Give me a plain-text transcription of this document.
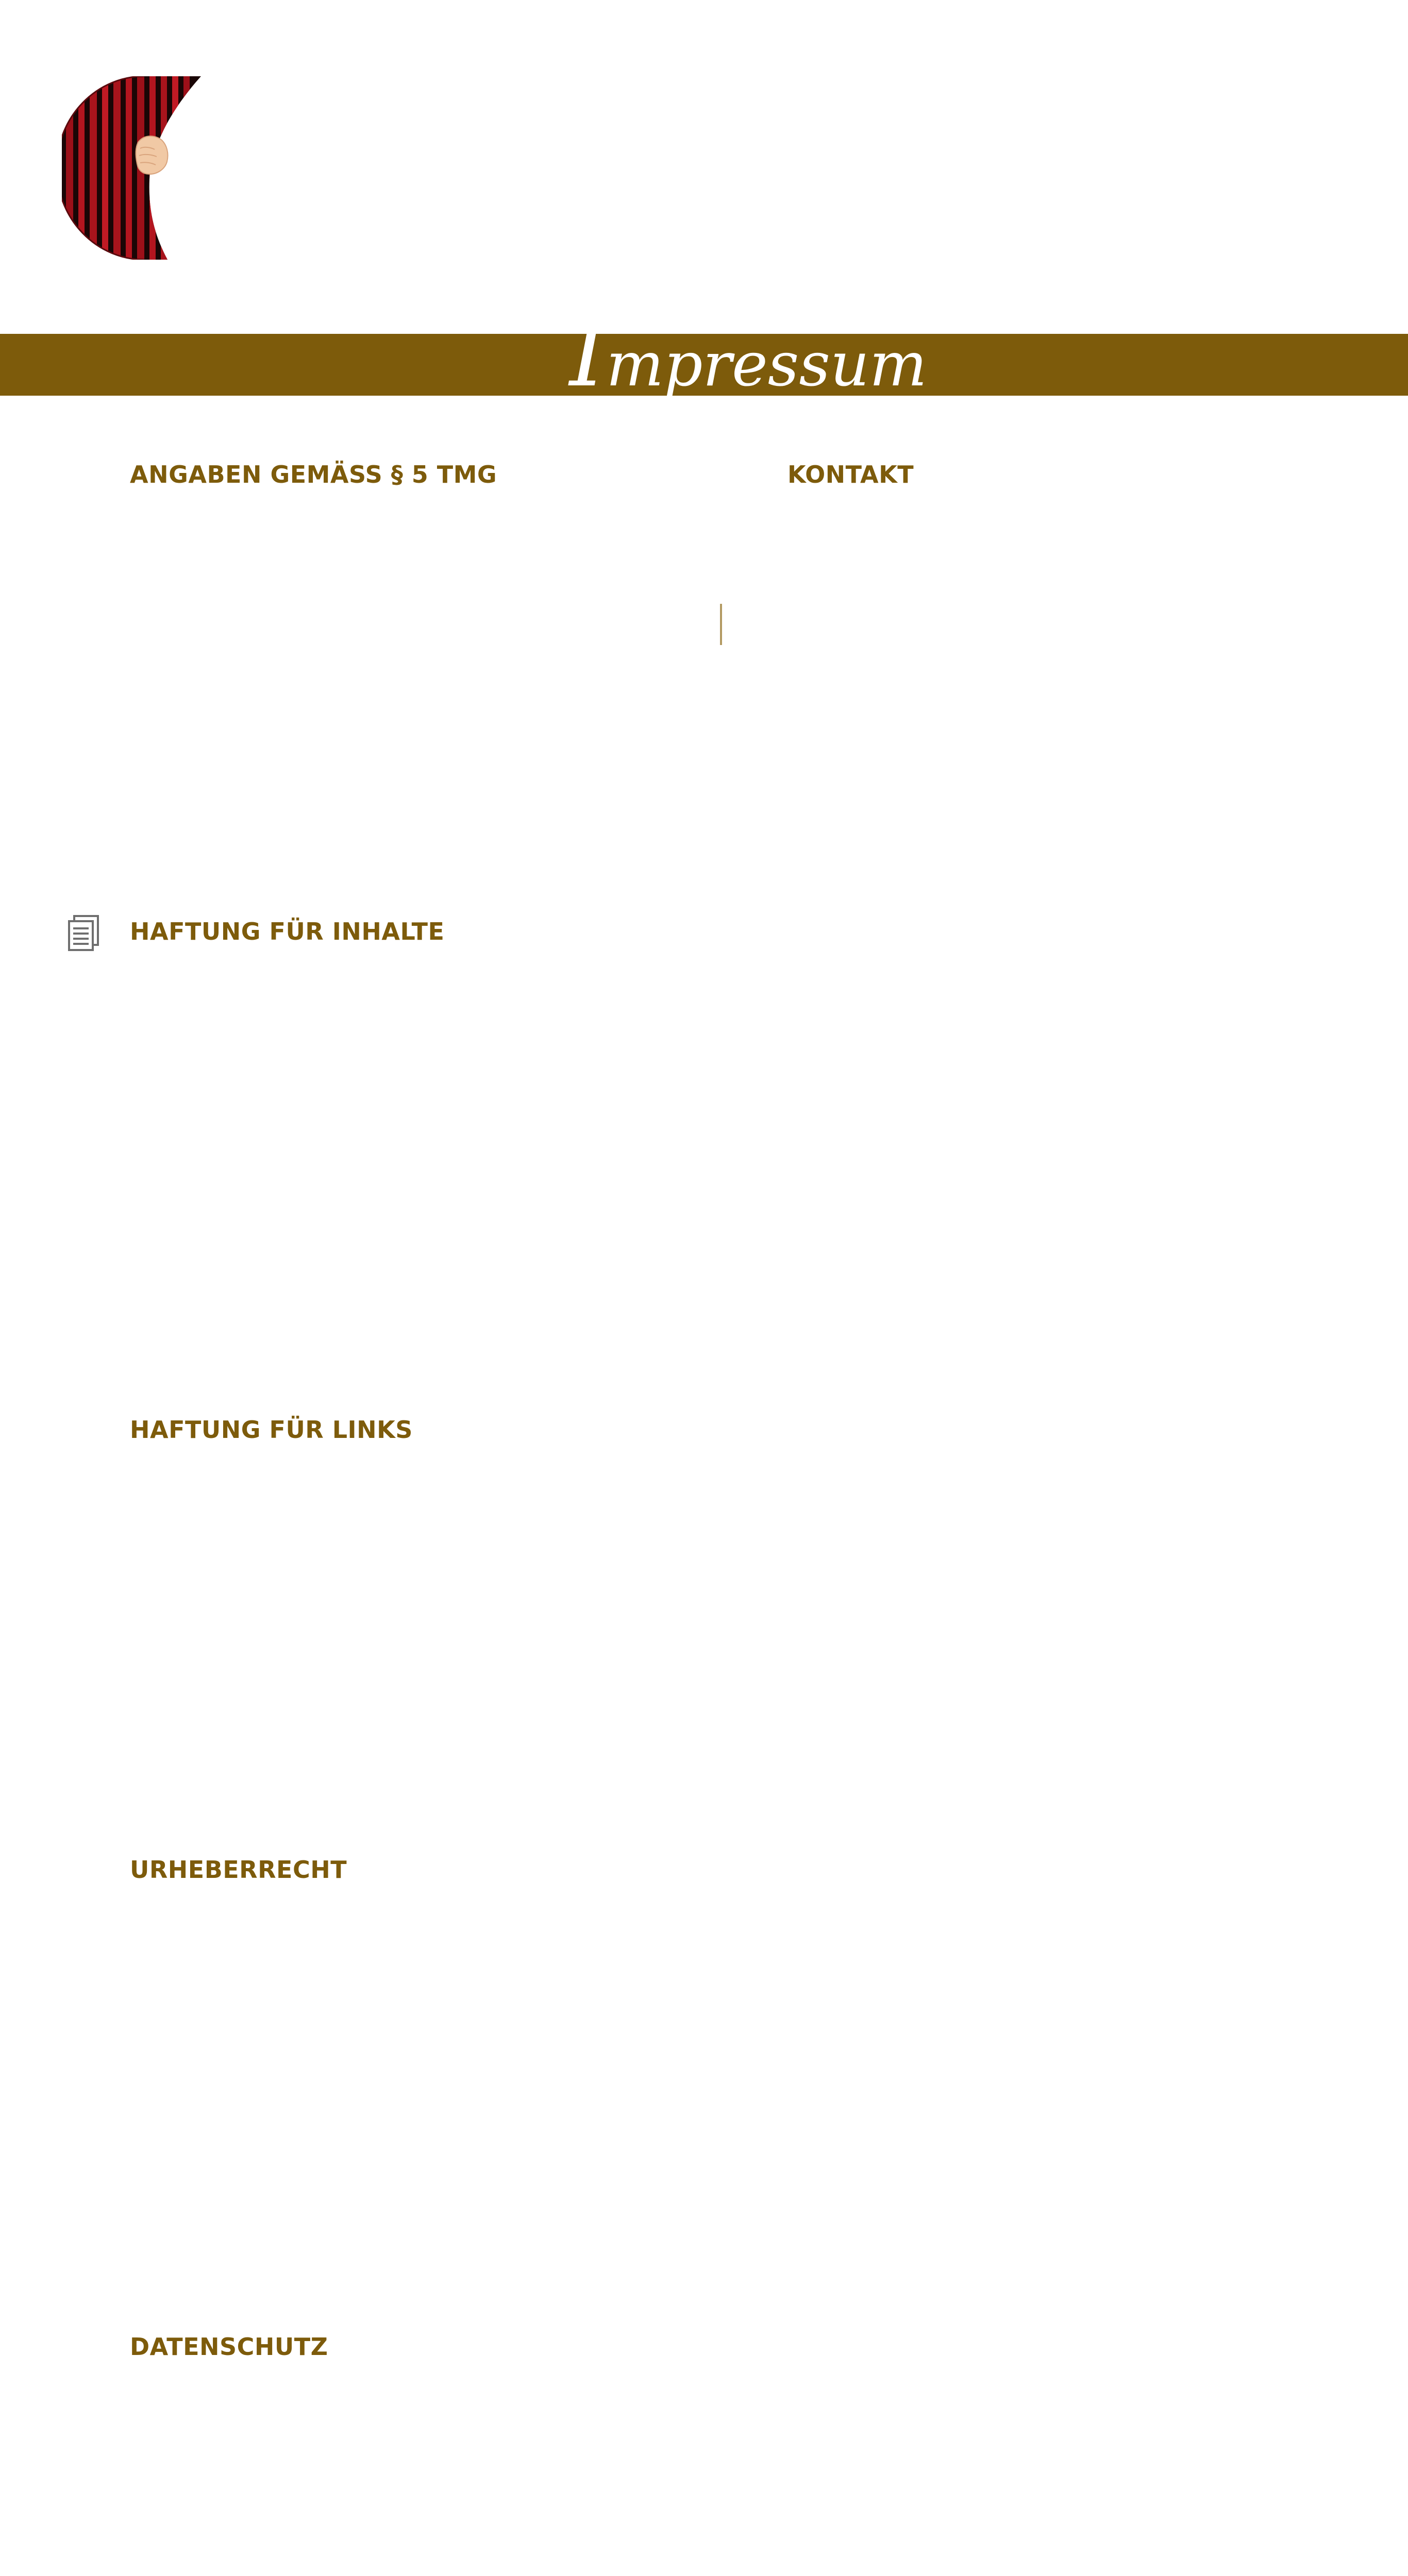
Impressum
ANGABEN GEMÄSS § 5 TMG	KONTAKT
HAFTUNG FÜR INHALTE
HAFTUNG FÜR LINKS
URHEBERRECHT
DATENSCHUTZ
